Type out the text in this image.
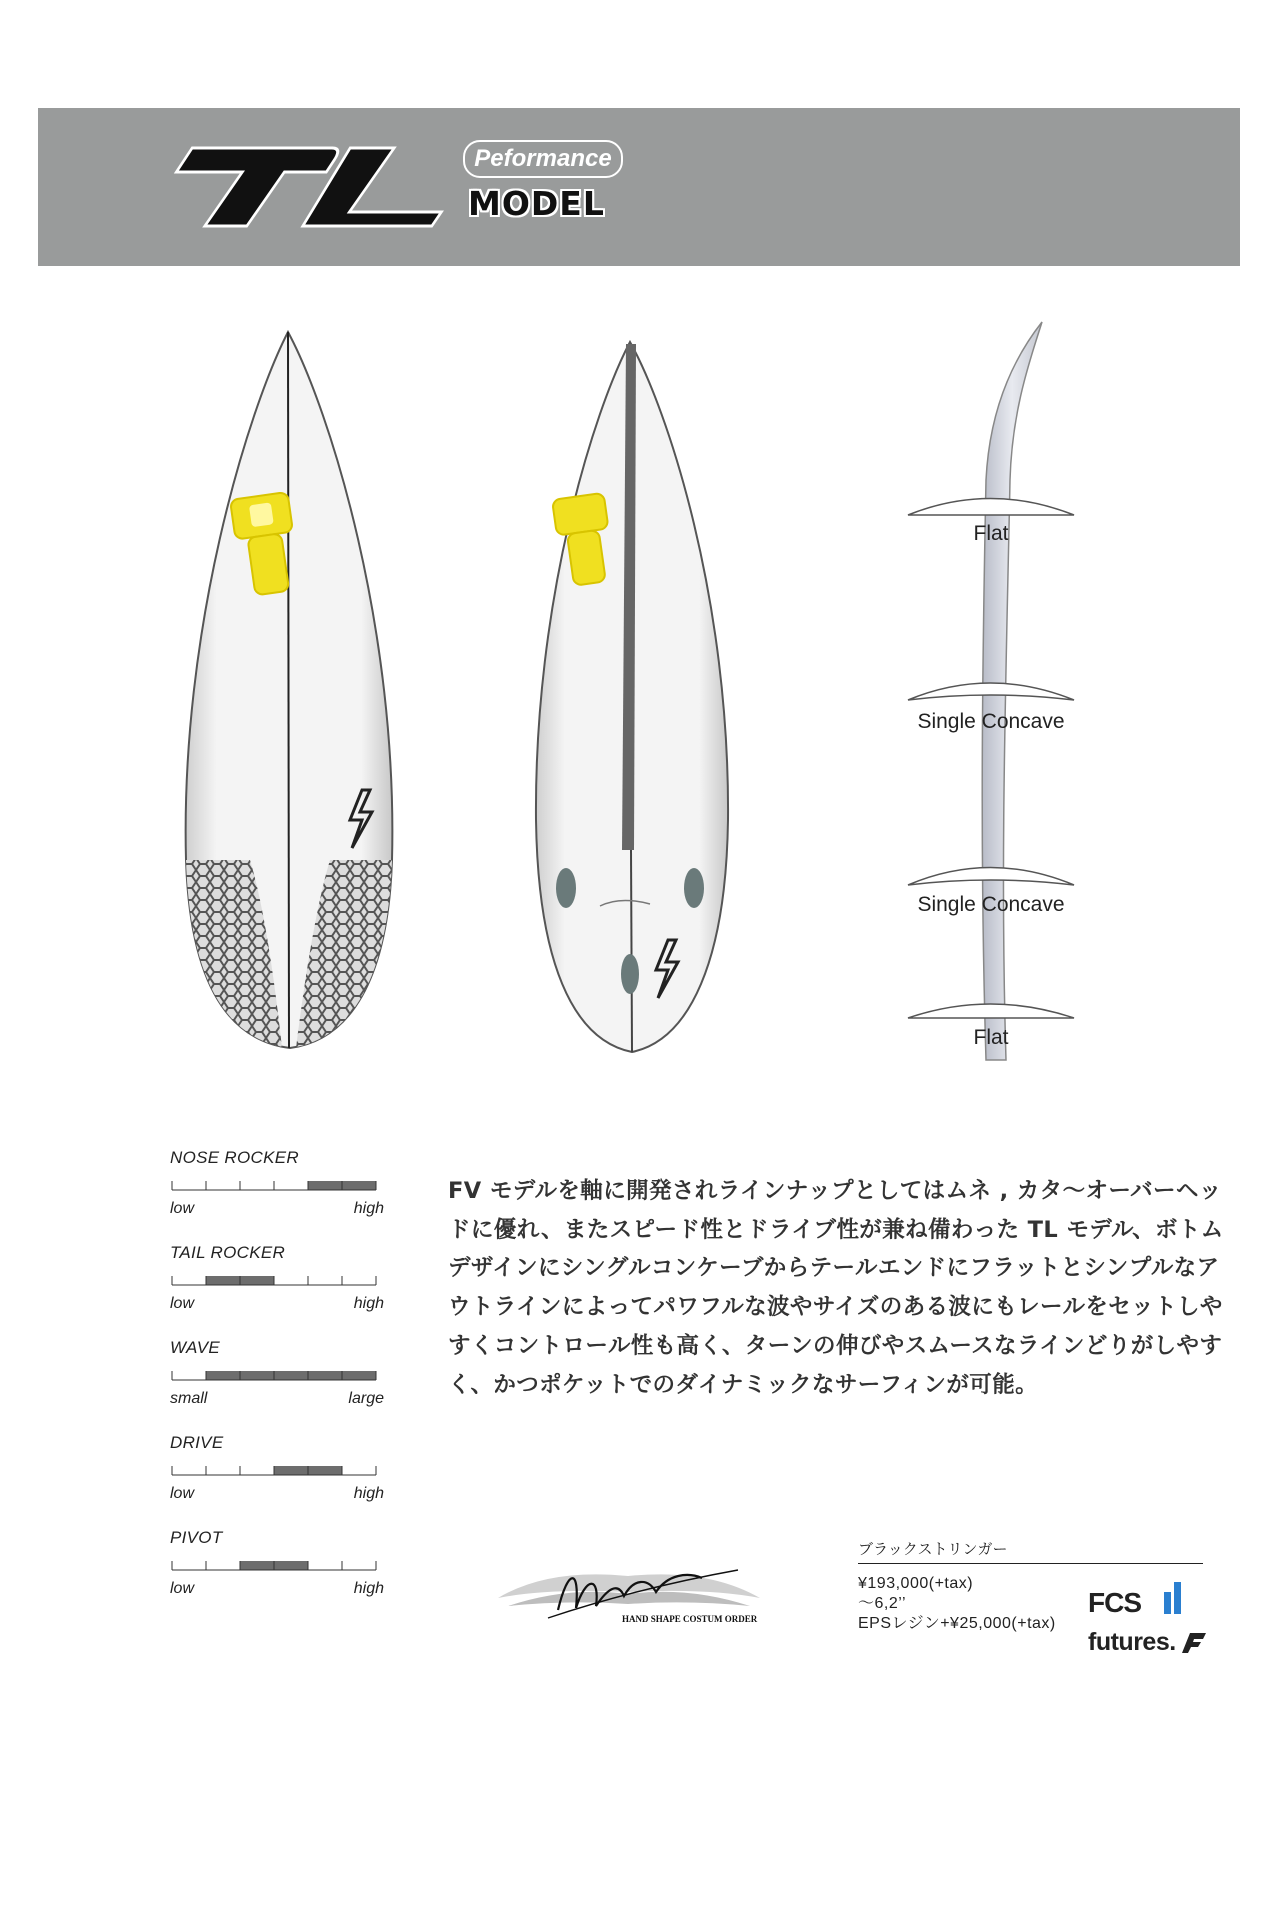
Peformance
MODEL
Flat
Single Concave
Single Concave
Flat
NOSE ROCKER
low	high
TAIL ROCKER
low	high
WAVE
small	large
DRIVE
low	high
PIVOT
low	high

FV モデルを軸に開発されラインナップとしてはムネ , カタ〜オーバーヘッ

ドに優れ、またスピード性とドライブ性が兼ね備わった TL モデル、ボトム

デザインにシングルコンケーブからテールエンドにフラットとシンプルなア

ウトラインによってパワフルな波やサイズのある波にもレールをセットしや

すくコントロール性も高く、ターンの伸びやスムースなラインどりがしやす

く、かつポケットでのダイナミックなサーフィンが可能。

HAND SHAPE COSTUM ORDER
ブラックストリンガー
¥193,000(+tax)
〜6,2’’
EPSレジン+¥25,000(+tax)
FCS
futures.
